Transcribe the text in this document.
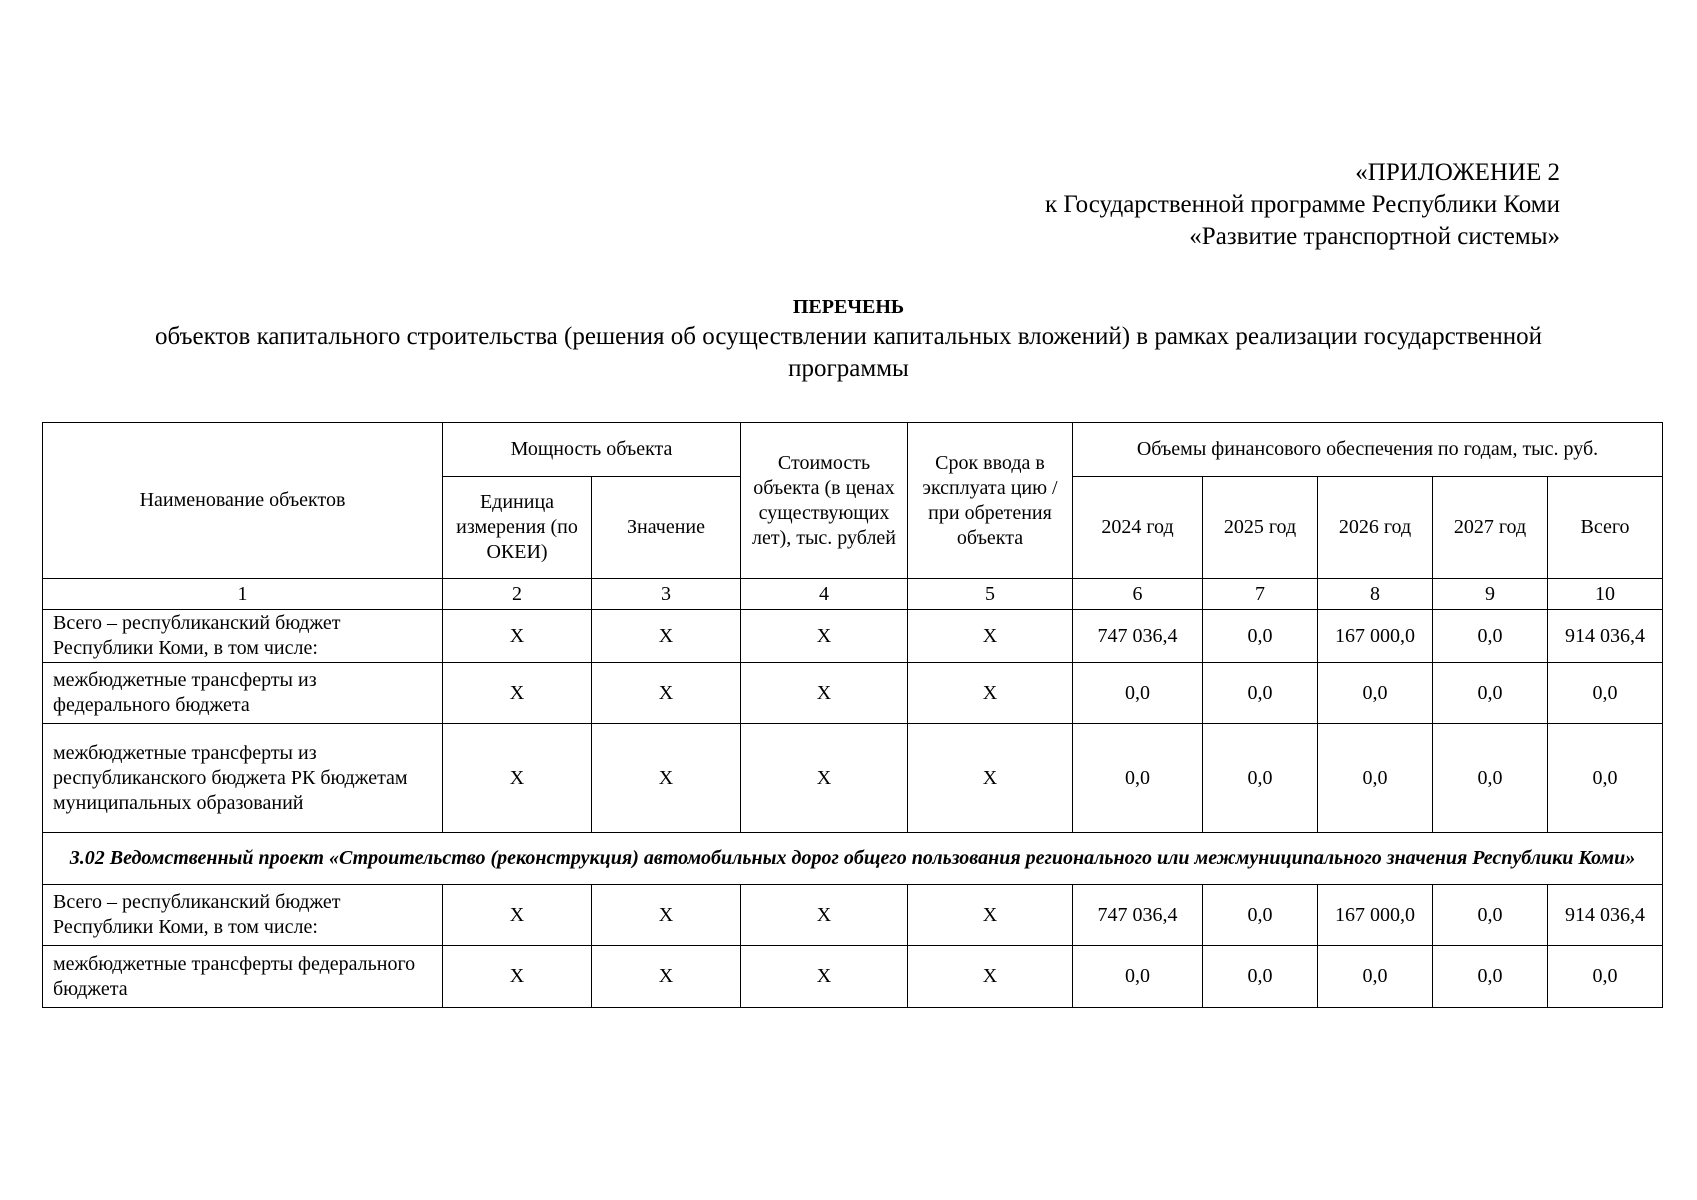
«ПРИЛОЖЕНИЕ 2
к Государственной программе Республики Коми
«Развитие транспортной системы»
ПЕРЕЧЕНЬ
объектов капитального строительства (решения об осуществлении капитальных вложений) в рамках реализации государственной программы
Наименование объектов	Мощность объекта		Стоимость объекта (в ценах существующих лет), тыс. рублей	Срок ввода в эксплуата цию / при обретения объекта	Объемы финансового обеспечения по годам, тыс. руб.				
	Единица измерения (по ОКЕИ)	Значение			2024 год	2025 год	2026 год	2027 год	Всего
1	2	3	4	5	6	7	8	9	10
Всего – республиканский бюджет Республики Коми, в том числе:	X	X	X	X	747 036,4	0,0	167 000,0	0,0	914 036,4
межбюджетные трансферты из федерального бюджета	X	X	X	X	0,0	0,0	0,0	0,0	0,0
межбюджетные трансферты из республиканского бюджета РК бюджетам муниципальных образований	X	X	X	X	0,0	0,0	0,0	0,0	0,0
3.02 Ведомственный проект «Строительство (реконструкция) автомобильных дорог общего пользования регионального или межмуниципального значения Республики Коми»									
Всего – республиканский бюджет Республики Коми, в том числе:	X	X	X	X	747 036,4	0,0	167 000,0	0,0	914 036,4
межбюджетные трансферты федерального бюджета	X	X	X	X	0,0	0,0	0,0	0,0	0,0
